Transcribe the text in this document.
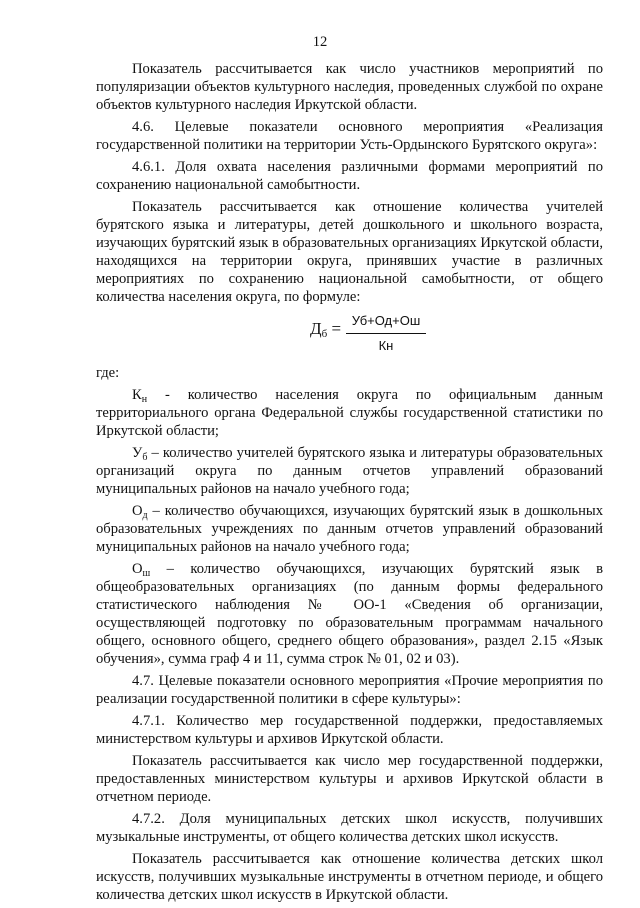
12

Показатель рассчитывается как число участников мероприятий по популяризации объектов культурного наследия, проведенных службой по охране объектов культурного наследия Иркутской области.

4.6. Целевые показатели основного мероприятия «Реализация государственной политики на территории Усть-Ордынского Бурятского округа»:

4.6.1. Доля охвата населения различными формами мероприятий по сохранению национальной самобытности.

Показатель рассчитывается как отношение количества учителей бурятского языка и литературы, детей дошкольного и школьного возраста, изучающих бурятский язык в образовательных организациях Иркутской области, находящихся на территории округа, принявших участие в различных мероприятиях по сохранению национальной самобытности, от общего количества населения округа, по формуле:

$Д_б = Уб+Од+Ош$
Кн

где:

$К_н$ - количество населения округа по официальным данным территориального органа Федеральной службы государственной статистики по Иркутской области;

$У_б$ – количество учителей бурятского языка и литературы образовательных организаций округа по данным отчетов управлений образований муниципальных районов на начало учебного года;

$О_д$ – количество обучающихся, изучающих бурятский язык в дошкольных образовательных учреждениях по данным отчетов управлений образований муниципальных районов на начало учебного года;

$О_ш$ – количество обучающихся, изучающих бурятский язык в общеобразовательных организациях (по данным формы федерального статистического наблюдения № ОО-1 «Сведения об организации, осуществляющей подготовку по образовательным программам начального общего, основного общего, среднего общего образования», раздел 2.15 «Язык обучения», сумма граф 4 и 11, сумма строк № 01, 02 и 03).

4.7. Целевые показатели основного мероприятия «Прочие мероприятия по реализации государственной политики в сфере культуры»:

4.7.1. Количество мер государственной поддержки, предоставляемых министерством культуры и архивов Иркутской области.

Показатель рассчитывается как число мер государственной поддержки, предоставленных министерством культуры и архивов Иркутской области в отчетном периоде.

4.7.2. Доля муниципальных детских школ искусств, получивших музыкальные инструменты, от общего количества детских школ искусств.

Показатель рассчитывается как отношение количества детских школ искусств, получивших музыкальные инструменты в отчетном периоде, и общего количества детских школ искусств в Иркутской области.
